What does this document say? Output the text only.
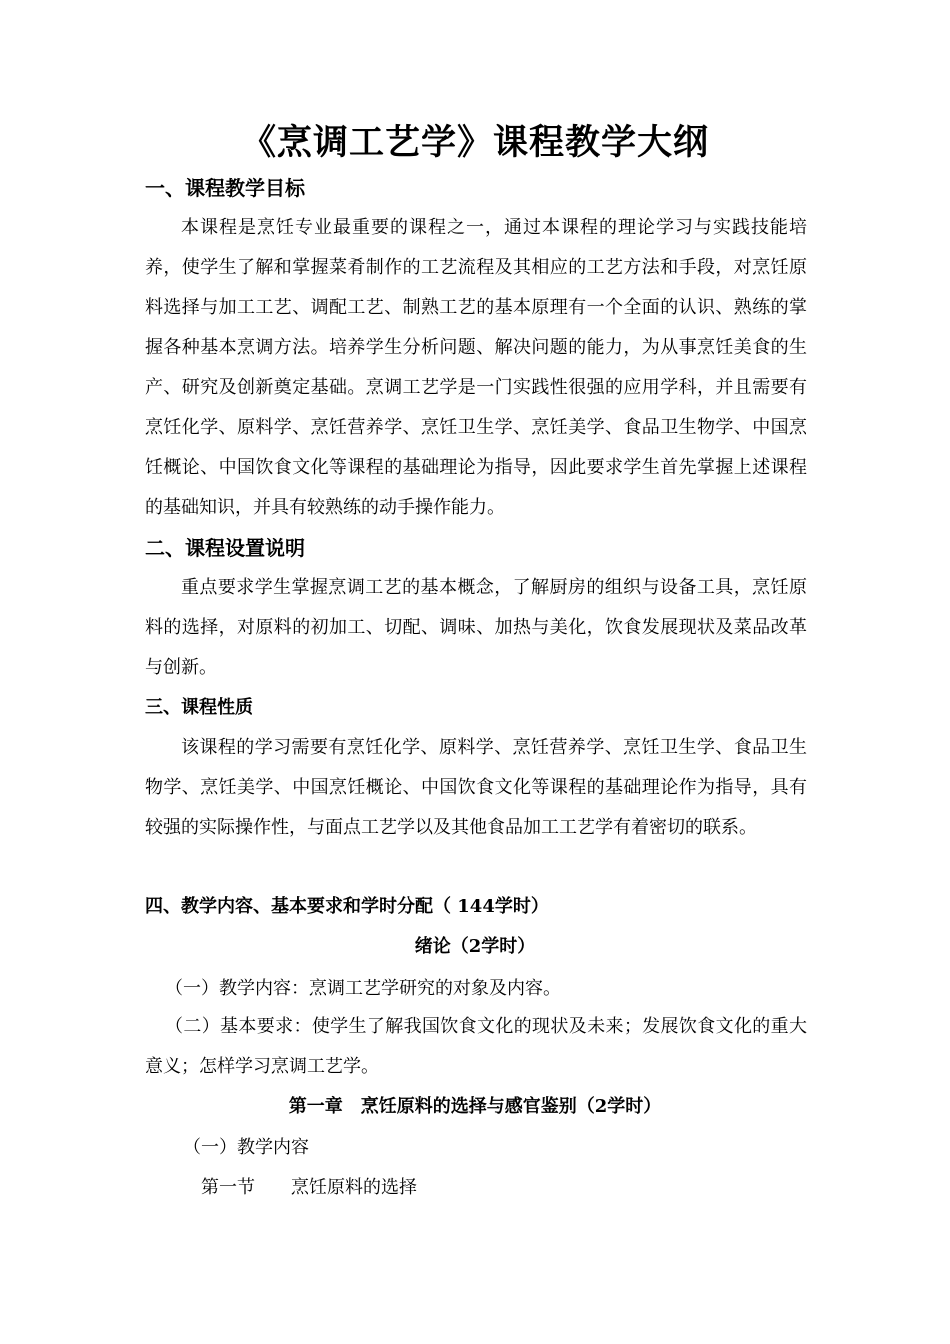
《烹调工艺学》课程教学大纲
一、课程教学目标

本课程是烹饪专业最重要的课程之一，通过本课程的理论学习与实践技能培养，使学生了解和掌握菜肴制作的工艺流程及其相应的工艺方法和手段，对烹饪原料选择与加工工艺、调配工艺、制熟工艺的基本原理有一个全面的认识、熟练的掌握各种基本烹调方法。培养学生分析问题、解决问题的能力，为从事烹饪美食的生产、研究及创新奠定基础。烹调工艺学是一门实践性很强的应用学科，并且需要有烹饪化学、原料学、烹饪营养学、烹饪卫生学、烹饪美学、食品卫生物学、中国烹饪概论、中国饮食文化等课程的基础理论为指导，因此要求学生首先掌握上述课程的基础知识，并具有较熟练的动手操作能力。

二、课程设置说明

重点要求学生掌握烹调工艺的基本概念，了解厨房的组织与设备工具，烹饪原料的选择，对原料的初加工、切配、调味、加热与美化，饮食发展现状及菜品改革与创新。

三、课程性质

该课程的学习需要有烹饪化学、原料学、烹饪营养学、烹饪卫生学、食品卫生物学、烹饪美学、中国烹饪概论、中国饮食文化等课程的基础理论作为指导，具有较强的实际操作性，与面点工艺学以及其他食品加工工艺学有着密切的联系。

四、教学内容、基本要求和学时分配（ 144学时）
绪论（2学时）
（一）教学内容：烹调工艺学研究的对象及内容。

（二）基本要求：使学生了解我国饮食文化的现状及未来；发展饮食文化的重大意义；怎样学习烹调工艺学。

第一章　烹饪原料的选择与感官鉴别（2学时）
（一）教学内容
第一节　　烹饪原料的选择
